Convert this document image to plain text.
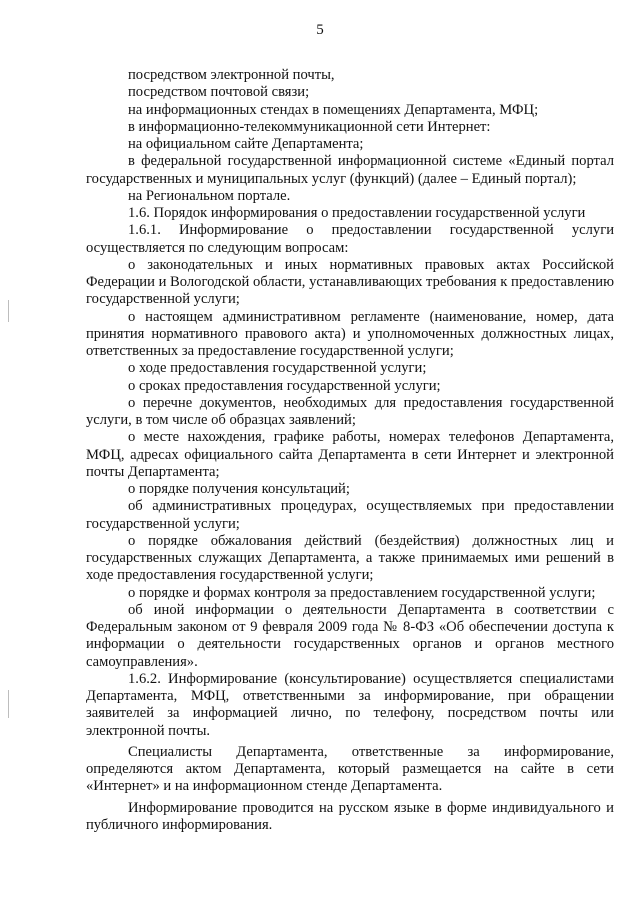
5

посредством электронной почты,

посредством почтовой связи;

на информационных стендах в помещениях Департамента, МФЦ;

в информационно-телекоммуникационной сети Интернет:

на официальном сайте Департамента;

в федеральной государственной информационной системе «Единый портал государственных и муниципальных услуг (функций) (далее – Единый портал);

на Региональном портале.

1.6. Порядок информирования о предоставлении государственной услуги

1.6.1. Информирование о предоставлении государственной услуги осуществляется по следующим вопросам:

о законодательных и иных нормативных правовых актах Российской Федерации и Вологодской области, устанавливающих требования к предоставлению государственной услуги;

о настоящем административном регламенте (наименование, номер, дата принятия нормативного правового акта) и уполномоченных должностных лицах, ответственных за предоставление государственной услуги;

о ходе предоставления государственной услуги;

о сроках предоставления государственной услуги;

о перечне документов, необходимых для предоставления государственной услуги, в том числе об образцах заявлений;

о месте нахождения, графике работы, номерах телефонов Департамента, МФЦ, адресах официального сайта Департамента в сети Интернет и электронной почты Департамента;

о порядке получения консультаций;

об административных процедурах, осуществляемых при предоставлении государственной услуги;

о порядке обжалования действий (бездействия) должностных лиц и государственных служащих Департамента, а также принимаемых ими решений в ходе предоставления государственной услуги;

о порядке и формах контроля за предоставлением государственной услуги;

об иной информации о деятельности Департамента в соответствии с Федеральным законом от 9 февраля 2009 года № 8-ФЗ «Об обеспечении доступа к информации о деятельности государственных органов и органов местного самоуправления».

1.6.2. Информирование (консультирование) осуществляется специалистами Департамента, МФЦ, ответственными за информирование, при обращении заявителей за информацией лично, по телефону, посредством почты или электронной почты.

Специалисты Департамента, ответственные за информирование, определяются актом Департамента, который размещается на сайте в сети «Интернет» и на информационном стенде Департамента.

Информирование проводится на русском языке в форме индивидуального и публичного информирования.
